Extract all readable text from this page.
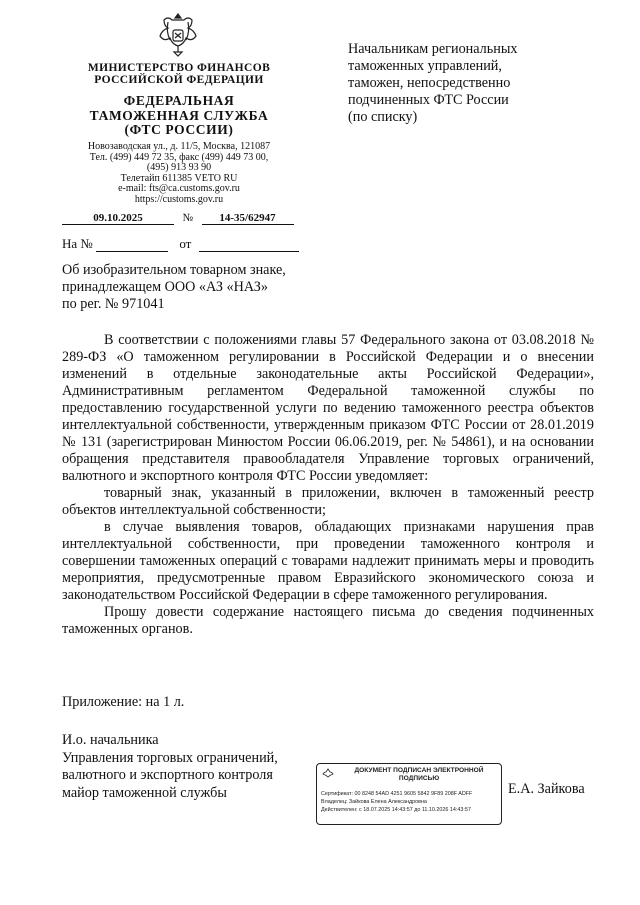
МИНИСТЕРСТВО ФИНАНСОВ
РОССИЙСКОЙ ФЕДЕРАЦИИ
ФЕДЕРАЛЬНАЯ
ТАМОЖЕННАЯ СЛУЖБА
(ФТС РОССИИ)
Новозаводская ул., д. 11/5, Москва, 121087
Тел. (499) 449 72 35, факс (499) 449 73 00,
(495) 913 93 90
Телетайп 611385 VETO RU
e-mail: fts@ca.customs.gov.ru
https://customs.gov.ru
Начальникам региональных
таможенных управлений,
таможен, непосредственно
подчиненных ФТС России
(по списку)
09.10.2025	№ 14-35/62947
На №	от
Об изобразительном товарном знаке,
принадлежащем ООО «АЗ «НАЗ»
по рег. № 971041

В соответствии с положениями главы 57 Федерального закона от 03.08.2018 № 289-ФЗ «О таможенном регулировании в Российской Федерации и о внесении изменений в отдельные законодательные акты Российской Федерации», Административным регламентом Федеральной таможенной службы по предоставлению государственной услуги по ведению таможенного реестра объектов интеллектуальной собственности, утвержденным приказом ФТС России от 28.01.2019 № 131 (зарегистрирован Минюстом России 06.06.2019, рег. № 54861), и на основании обращения представителя правообладателя Управление торговых ограничений, валютного и экспортного контроля ФТС России уведомляет:

товарный знак, указанный в приложении, включен в таможенный реестр объектов интеллектуальной собственности;

в случае выявления товаров, обладающих признаками нарушения прав интеллектуальной собственности, при проведении таможенного контроля и совершении таможенных операций с товарами надлежит принимать меры и проводить мероприятия, предусмотренные правом Евразийского экономического союза и законодательством Российской Федерации в сфере таможенного регулирования.

Прошу довести содержание настоящего письма до сведения подчиненных таможенных органов.

Приложение: на 1 л.
И.о. начальника
Управления торговых ограничений,
валютного и экспортного контроля
майор таможенной службы	Е.А. Зайкова
ДОКУМЕНТ ПОДПИСАН ЭЛЕКТРОННОЙ ПОДПИСЬЮ
Сертификат: 00 8248 54AD 4251 9605 5842 9F89 208F ADFF
Владелец: Зайкова Елена Александровна
Действителен: с 18.07.2025 14:43:57 до 11.10.2026 14:43:57
